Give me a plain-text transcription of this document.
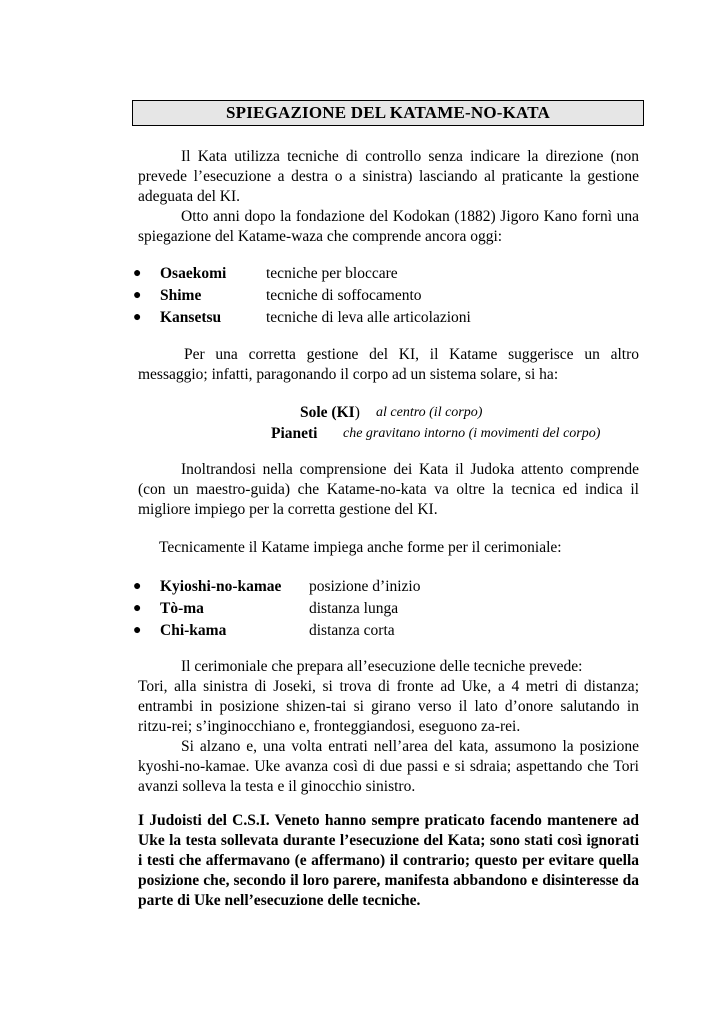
SPIEGAZIONE DEL KATAME-NO-KATA

Il Kata utilizza tecniche di controllo senza indicare la direzione (non prevede l’esecuzione a destra o a sinistra) lasciando al praticante la gestione adeguata del KI.

Otto anni dopo la fondazione del Kodokan (1882) Jigoro Kano fornì una spiegazione del Katame-waza che comprende ancora oggi:

● Osaekomi	tecniche per bloccare
● Shime	tecniche di soffocamento
● Kansetsu	tecniche di leva alle articolazioni

Per una corretta gestione del KI, il Katame suggerisce un altro messaggio; infatti, paragonando il corpo ad un sistema solare, si ha:

Sole (KI) al centro (il corpo)
Pianeti che gravitano intorno (i movimenti del corpo)

Inoltrandosi nella comprensione dei Kata il Judoka attento comprende (con un maestro-guida) che Katame-no-kata va oltre la tecnica ed indica il migliore impiego per la corretta gestione del KI.

Tecnicamente il Katame impiega anche forme per il cerimoniale:

● Kyioshi-no-kamae posizione d’inizio
● Tò-ma	distanza lunga
● Chi-kama	distanza corta

Il cerimoniale che prepara all’esecuzione delle tecniche prevede:

Tori, alla sinistra di Joseki, si trova di fronte ad Uke, a 4 metri di distanza; entrambi in posizione shizen-tai si girano verso il lato d’onore salutando in ritzu-rei; s’inginocchiano e, fronteggiandosi, eseguono za-rei.

Si alzano e, una volta entrati nell’area del kata, assumono la posizione kyoshi-no-kamae. Uke avanza così di due passi e si sdraia; aspettando che Tori avanzi solleva la testa e il ginocchio sinistro.

I Judoisti del C.S.I. Veneto hanno sempre praticato facendo mantenere ad Uke la testa sollevata durante l’esecuzione del Kata; sono stati così ignorati i testi che affermavano (e affermano) il contrario; questo per evitare quella posizione che, secondo il loro parere, manifesta abbandono e disinteresse da parte di Uke nell’esecuzione delle tecniche.
